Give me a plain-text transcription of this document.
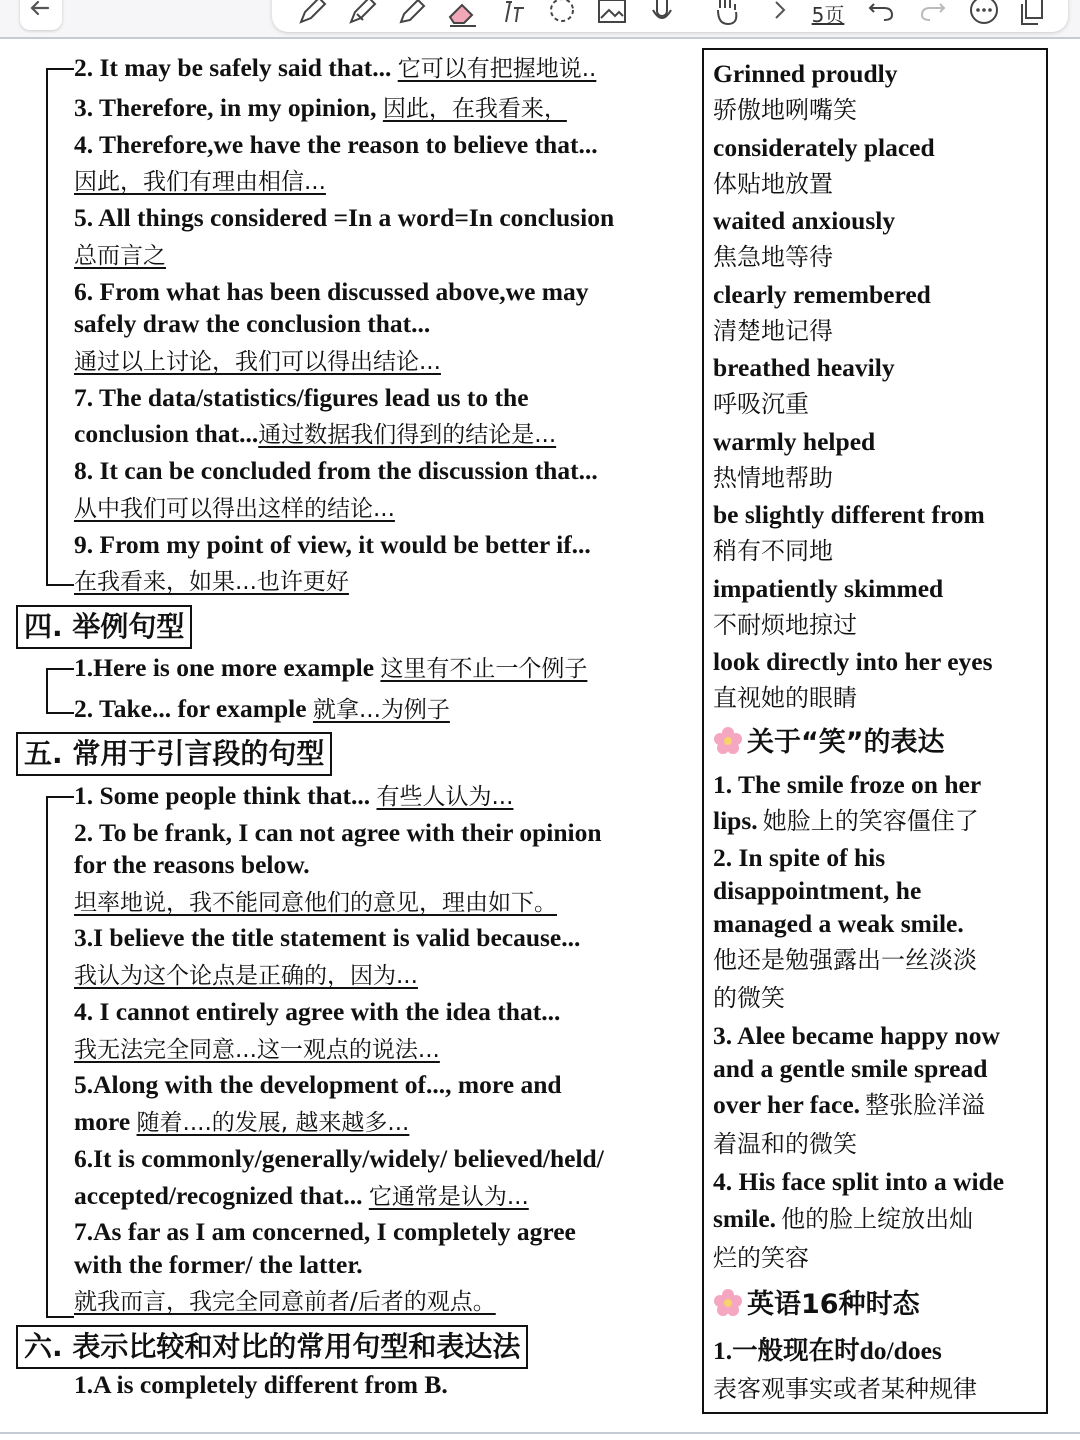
5页
2. It may be safely said that... 它可以有把握地说..
3. Therefore, in my opinion, 因此，在我看来，
4. Therefore,we have the reason to believe that...
因此，我们有理由相信...
5. All things considered =In a word=In conclusion
总而言之
6. From what has been discussed above,we may
safely draw the conclusion that...
通过以上讨论，我们可以得出结论...
7. The data/statistics/figures lead us to the
conclusion that...通过数据我们得到的结论是...
8. It can be concluded from the discussion that...
从中我们可以得出这样的结论...
9. From my point of view, it would be better if...
在我看来，如果...也许更好
四. 举例句型
1.Here is one more example 这里有不止一个例子
2. Take... for example 就拿...为例子
五. 常用于引言段的句型
1. Some people think that... 有些人认为...
2. To be frank, I can not agree with their opinion
for the reasons below.
坦率地说，我不能同意他们的意见，理由如下。
3.I believe the title statement is valid because...
我认为这个论点是正确的，因为...
4. I cannot entirely agree with the idea that...
我无法完全同意...这一观点的说法...
5.Along with the development of..., more and
more 随着....的发展, 越来越多...
6.It is commonly/generally/widely/ believed/held/
accepted/recognized that... 它通常是认为...
7.As far as I am concerned, I completely agree
with the former/ the latter.
就我而言，我完全同意前者/后者的观点。
六. 表示比较和对比的常用句型和表达法
1.A is completely different from B.
Grinned proudly
骄傲地咧嘴笑
considerately placed
体贴地放置
waited anxiously
焦急地等待
clearly remembered
清楚地记得
breathed heavily
呼吸沉重
warmly helped
热情地帮助
be slightly different from
稍有不同地
impatiently skimmed
不耐烦地掠过
look directly into her eyes
直视她的眼睛
关于“笑”的表达
1. The smile froze on her
lips. 她脸上的笑容僵住了
2. In spite of his
disappointment, he
managed a weak smile.
他还是勉强露出一丝淡淡
的微笑
3. Alee became happy now
and a gentle smile spread
over her face. 整张脸洋溢
着温和的微笑
4. His face split into a wide
smile. 他的脸上绽放出灿
烂的笑容
英语16种时态
1.一般现在时do/does
表客观事实或者某种规律
